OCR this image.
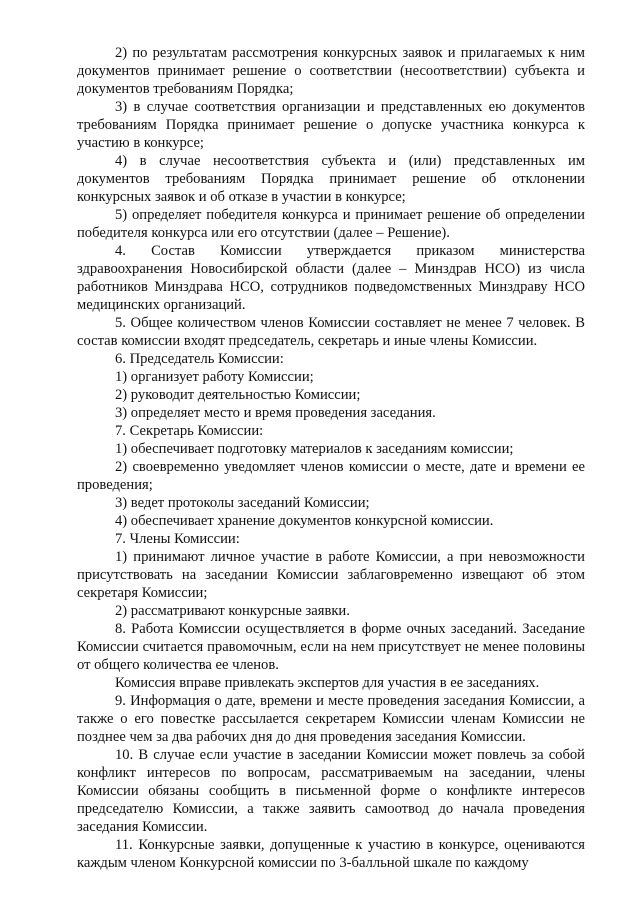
2) по результатам рассмотрения конкурсных заявок и прилагаемых к ним документов принимает решение о соответствии (несоответствии) субъекта и документов требованиям Порядка;

3) в случае соответствия организации и представленных ею документов требованиям Порядка принимает решение о допуске участника конкурса к участию в конкурсе;

4) в случае несоответствия субъекта и (или) представленных им документов требованиям Порядка принимает решение об отклонении конкурсных заявок и об отказе в участии в конкурсе;

5) определяет победителя конкурса и принимает решение об определении победителя конкурса или его отсутствии (далее – Решение).

4. Состав Комиссии утверждается приказом министерства здравоохранения Новосибирской области (далее – Минздрав НСО) из числа работников Минздрава НСО, сотрудников подведомственных Минздраву НСО медицинских организаций.

5. Общее количеством членов Комиссии составляет не менее 7 человек. В состав комиссии входят председатель, секретарь и иные члены Комиссии.

6. Председатель Комиссии:

1) организует работу Комиссии;

2) руководит деятельностью Комиссии;

3) определяет место и время проведения заседания.

7. Секретарь Комиссии:

1) обеспечивает подготовку материалов к заседаниям комиссии;

2) своевременно уведомляет членов комиссии о месте, дате и времени ее проведения;

3) ведет протоколы заседаний Комиссии;

4) обеспечивает хранение документов конкурсной комиссии.

7. Члены Комиссии:

1) принимают личное участие в работе Комиссии, а при невозможности присутствовать на заседании Комиссии заблаговременно извещают об этом секретаря Комиссии;

2) рассматривают конкурсные заявки.

8. Работа Комиссии осуществляется в форме очных заседаний. Заседание Комиссии считается правомочным, если на нем присутствует не менее половины от общего количества ее членов.

Комиссия вправе привлекать экспертов для участия в ее заседаниях.

9. Информация о дате, времени и месте проведения заседания Комиссии, а также о его повестке рассылается секретарем Комиссии членам Комиссии не позднее чем за два рабочих дня до дня проведения заседания Комиссии.

10. В случае если участие в заседании Комиссии может повлечь за собой конфликт интересов по вопросам, рассматриваемым на заседании, члены Комиссии обязаны сообщить в письменной форме о конфликте интересов председателю Комиссии, а также заявить самоотвод до начала проведения заседания Комиссии.

11. Конкурсные заявки, допущенные к участию в конкурсе, оцениваются каждым членом Конкурсной комиссии по 3-балльной шкале по каждому
